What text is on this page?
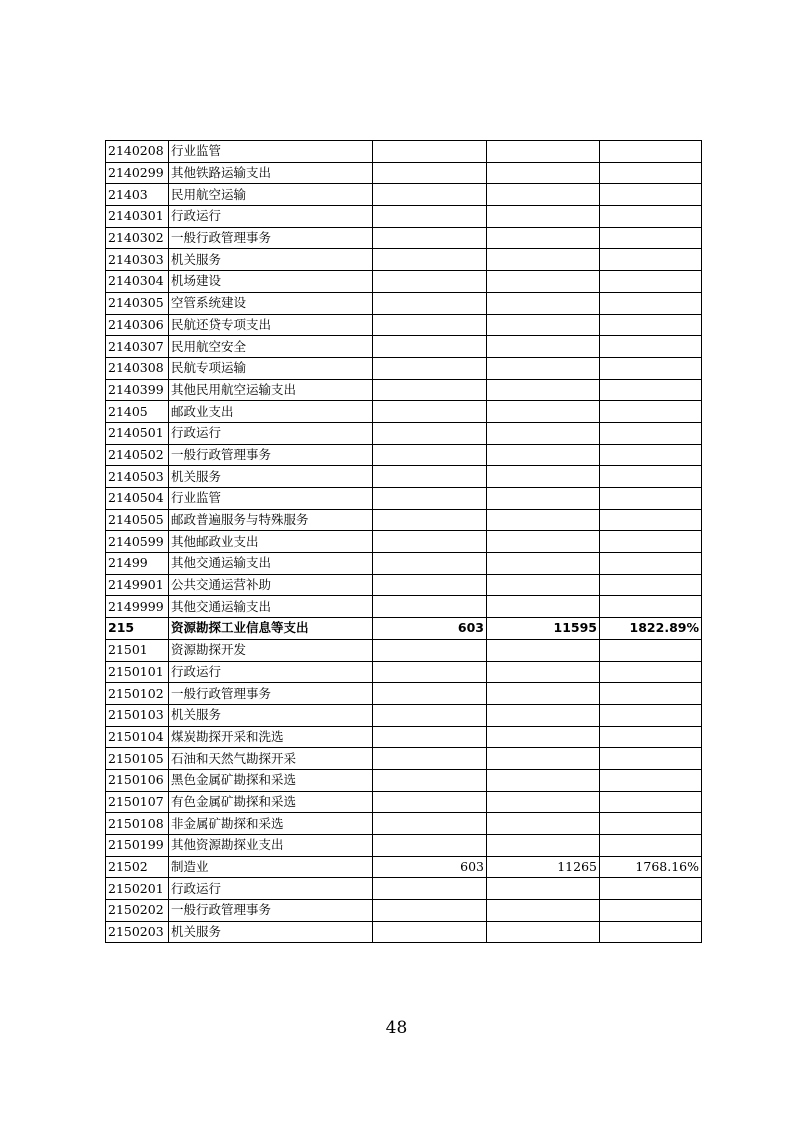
2140208	行业监管			
2140299	其他铁路运输支出			
21403	民用航空运输			
2140301	行政运行			
2140302	一般行政管理事务			
2140303	机关服务			
2140304	机场建设			
2140305	空管系统建设			
2140306	民航还贷专项支出			
2140307	民用航空安全			
2140308	民航专项运输			
2140399	其他民用航空运输支出			
21405	邮政业支出			
2140501	行政运行			
2140502	一般行政管理事务			
2140503	机关服务			
2140504	行业监管			
2140505	邮政普遍服务与特殊服务			
2140599	其他邮政业支出			
21499	其他交通运输支出			
2149901	公共交通运营补助			
2149999	其他交通运输支出			
215	资源勘探工业信息等支出	603	11595	1822.89%
21501	资源勘探开发			
2150101	行政运行			
2150102	一般行政管理事务			
2150103	机关服务			
2150104	煤炭勘探开采和洗选			
2150105	石油和天然气勘探开采			
2150106	黑色金属矿勘探和采选			
2150107	有色金属矿勘探和采选			
2150108	非金属矿勘探和采选			
2150199	其他资源勘探业支出			
21502	制造业	603	11265	1768.16%
2150201	行政运行			
2150202	一般行政管理事务			
2150203	机关服务			
48
